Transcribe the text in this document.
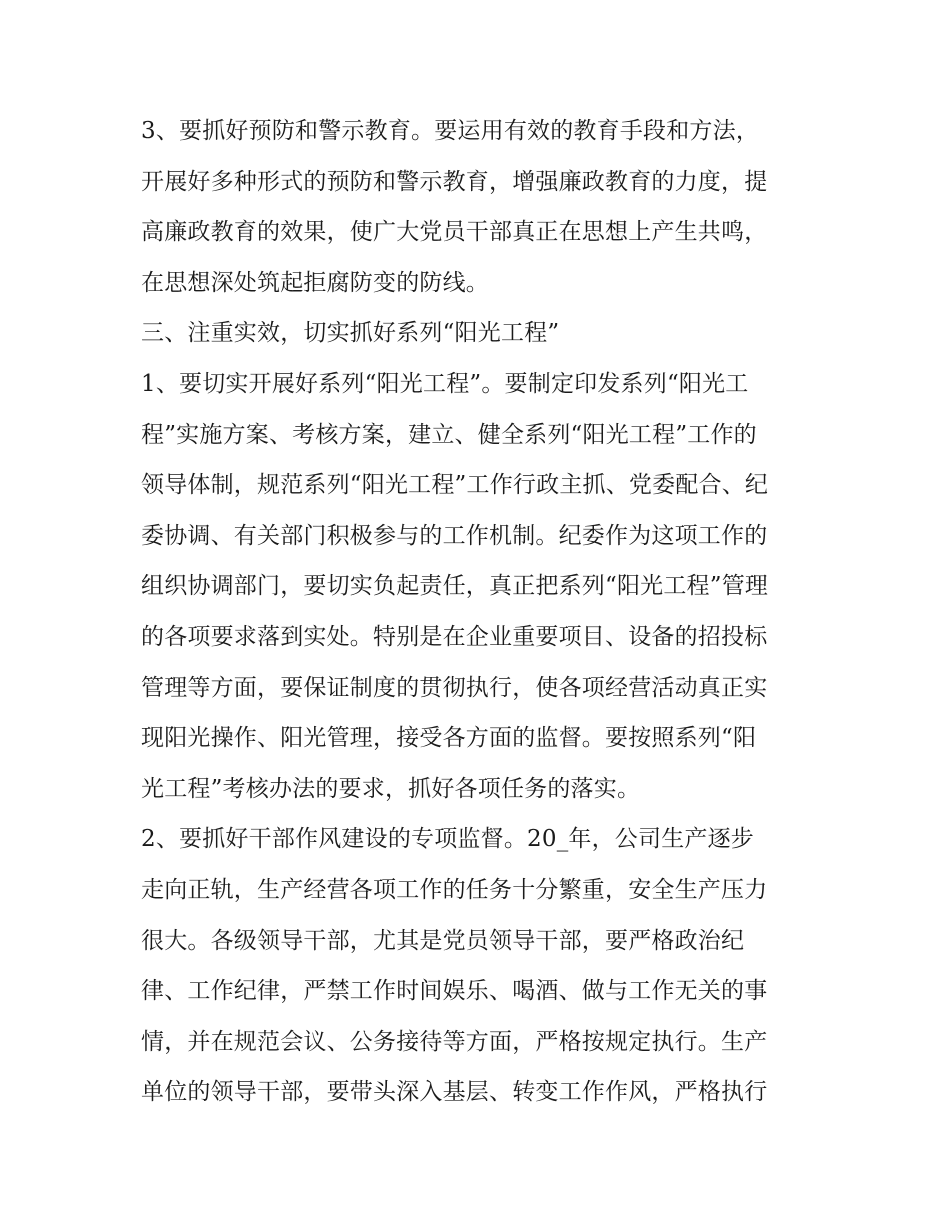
3、要抓好预防和警示教育。要运用有效的教育手段和方法，
开展好多种形式的预防和警示教育，增强廉政教育的力度，提
高廉政教育的效果，使广大党员干部真正在思想上产生共鸣，
在思想深处筑起拒腐防变的防线。
三、注重实效，切实抓好系列“阳光工程”
1、要切实开展好系列“阳光工程”。要制定印发系列“阳光工
程”实施方案、考核方案，建立、健全系列“阳光工程”工作的
领导体制，规范系列“阳光工程”工作行政主抓、党委配合、纪
委协调、有关部门积极参与的工作机制。纪委作为这项工作的
组织协调部门，要切实负起责任，真正把系列“阳光工程”管理
的各项要求落到实处。特别是在企业重要项目、设备的招投标
管理等方面，要保证制度的贯彻执行，使各项经营活动真正实
现阳光操作、阳光管理，接受各方面的监督。要按照系列“阳
光工程”考核办法的要求，抓好各项任务的落实。
2、要抓好干部作风建设的专项监督。20_年，公司生产逐步
走向正轨，生产经营各项工作的任务十分繁重，安全生产压力
很大。各级领导干部，尤其是党员领导干部，要严格政治纪
律、工作纪律，严禁工作时间娱乐、喝酒、做与工作无关的事
情，并在规范会议、公务接待等方面，严格按规定执行。生产
单位的领导干部，要带头深入基层、转变工作作风，严格执行
